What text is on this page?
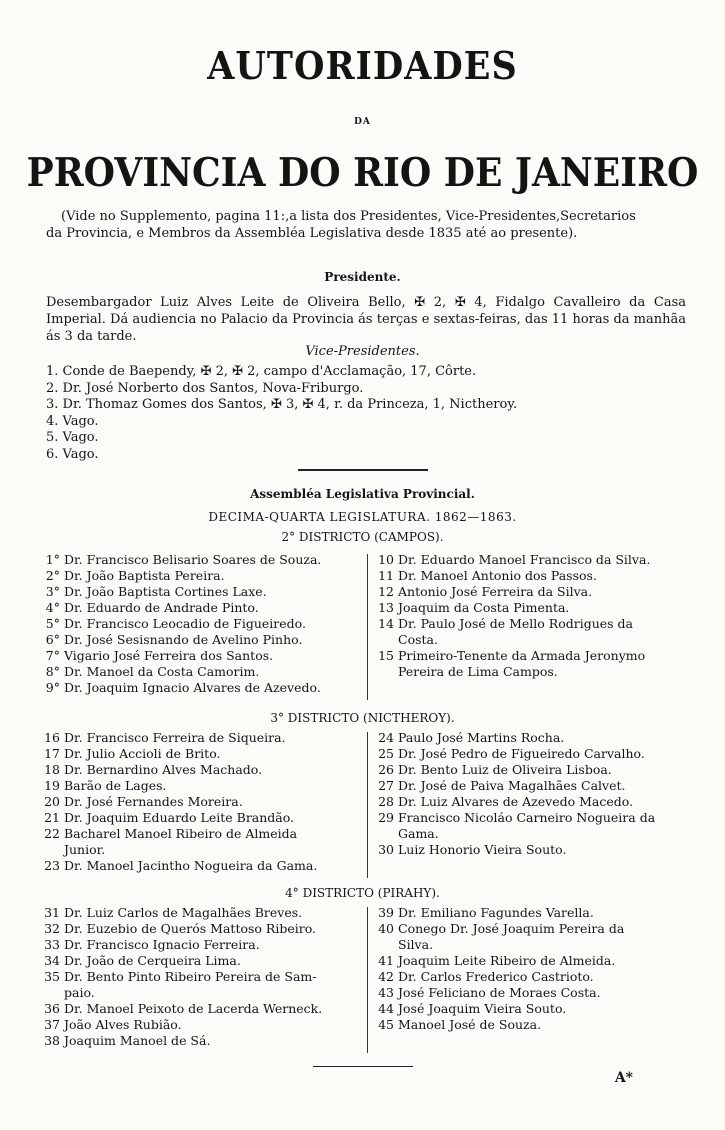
AUTORIDADES
DA
PROVINCIA DO RIO DE JANEIRO
(Vide no Supplemento, pagina 11:,a lista dos Presidentes, Vice-Presidentes,Secretarios
da Provincia, e Membros da Assembléa Legislativa desde 1835 até ao presente).
Presidente.
Desembargador Luiz Alves Leite de Oliveira Bello, ✠ 2, ✠ 4, Fidalgo Cavalleiro da Casa Imperial. Dá audiencia no Palacio da Provincia ás terças e sextas-feiras, das 11 horas da manhãa ás 3 da tarde.
Vice-Presidentes.
1. Conde de Baependy, ✠ 2, ✠ 2, campo d'Acclamação, 17, Côrte.
2. Dr. José Norberto dos Santos, Nova-Friburgo.
3. Dr. Thomaz Gomes dos Santos, ✠ 3, ✠ 4, r. da Princeza, 1, Nictheroy.
4. Vago.
5. Vago.
6. Vago.
Assembléa Legislativa Provincial.
DECIMA-QUARTA LEGISLATURA. 1862—1863.
2° DISTRICTO (CAMPOS).
1° Dr. Francisco Belisario Soares de Souza.
2° Dr. João Baptista Pereira.
3° Dr. João Baptista Cortines Laxe.
4° Dr. Eduardo de Andrade Pinto.
5° Dr. Francisco Leocadio de Figueiredo.
6° Dr. José Sesisnando de Avelino Pinho.
7° Vigario José Ferreira dos Santos.
8° Dr. Manoel da Costa Camorim.
9° Dr. Joaquim Ignacio Alvares de Azevedo.
10 Dr. Eduardo Manoel Francisco da Silva.
11 Dr. Manoel Antonio dos Passos.
12 Antonio José Ferreira da Silva.
13 Joaquim da Costa Pimenta.
14 Dr. Paulo José de Mello Rodrigues da
Costa.
15 Primeiro-Tenente da Armada Jeronymo
Pereira de Lima Campos.
3° DISTRICTO (NICTHEROY).
16 Dr. Francisco Ferreira de Siqueira.
17 Dr. Julio Accioli de Brito.
18 Dr. Bernardino Alves Machado.
19 Barão de Lages.
20 Dr. José Fernandes Moreira.
21 Dr. Joaquim Eduardo Leite Brandão.
22 Bacharel Manoel Ribeiro de Almeida
Junior.
23 Dr. Manoel Jacintho Nogueira da Gama.
24 Paulo José Martins Rocha.
25 Dr. José Pedro de Figueiredo Carvalho.
26 Dr. Bento Luiz de Oliveira Lisboa.
27 Dr. José de Paiva Magalhães Calvet.
28 Dr. Luiz Alvares de Azevedo Macedo.
29 Francisco Nicoláo Carneiro Nogueira da
Gama.
30 Luiz Honorio Vieira Souto.
4° DISTRICTO (PIRAHY).
31 Dr. Luiz Carlos de Magalhães Breves.
32 Dr. Euzebio de Querós Mattoso Ribeiro.
33 Dr. Francisco Ignacio Ferreira.
34 Dr. João de Cerqueira Lima.
35 Dr. Bento Pinto Ribeiro Pereira de Sam-
paio.
36 Dr. Manoel Peixoto de Lacerda Werneck.
37 João Alves Rubião.
38 Joaquim Manoel de Sá.
39 Dr. Emiliano Fagundes Varella.
40 Conego Dr. José Joaquim Pereira da
Silva.
41 Joaquim Leite Ribeiro de Almeida.
42 Dr. Carlos Frederico Castrioto.
43 José Feliciano de Moraes Costa.
44 José Joaquim Vieira Souto.
45 Manoel José de Souza.
A*
